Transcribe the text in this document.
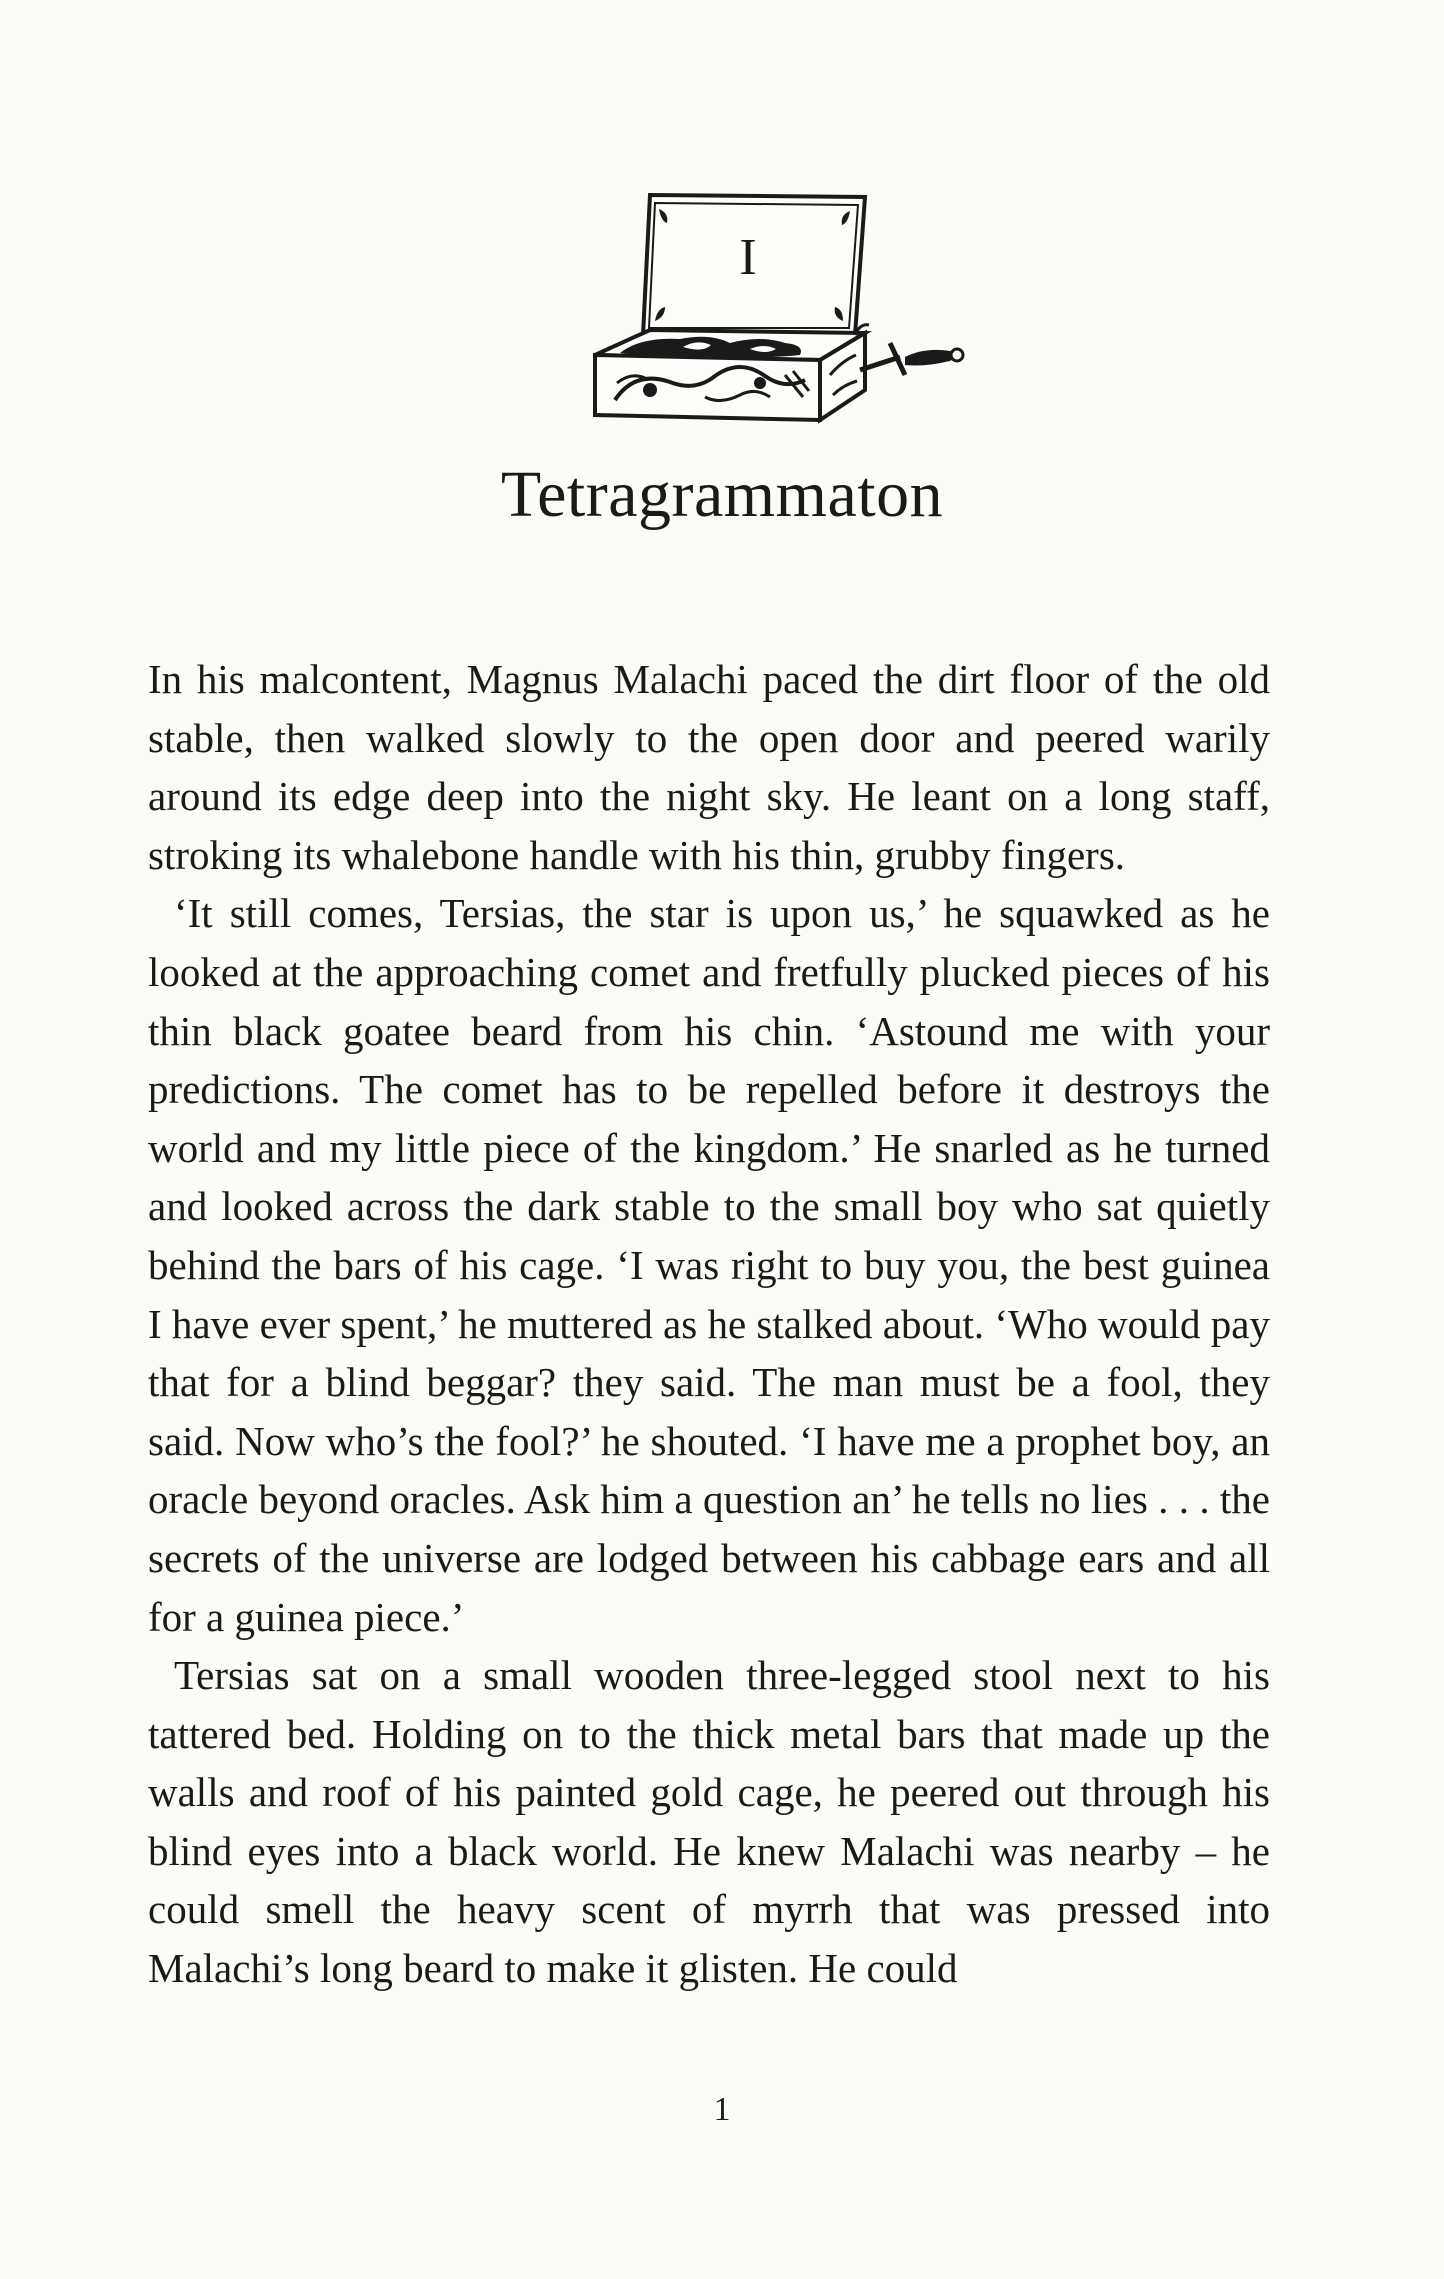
I
Tetragrammaton

In his malcontent, Magnus Malachi paced the dirt floor of the old stable, then walked slowly to the open door and peered warily around its edge deep into the night sky. He leant on a long staff, stroking its whalebone handle with his thin, grubby fingers.

‘It still comes, Tersias, the star is upon us,’ he squawked as he looked at the approaching comet and fretfully plucked pieces of his thin black goatee beard from his chin. ‘Astound me with your predictions. The comet has to be repelled before it destroys the world and my little piece of the kingdom.’ He snarled as he turned and looked across the dark stable to the small boy who sat quietly behind the bars of his cage. ‘I was right to buy you, the best guinea I have ever spent,’ he muttered as he stalked about. ‘Who would pay that for a blind beggar? they said. The man must be a fool, they said. Now who’s the fool?’ he shouted. ‘I have me a prophet boy, an oracle beyond oracles. Ask him a question an’ he tells no lies . . . the secrets of the universe are lodged between his cabbage ears and all for a guinea piece.’

Tersias sat on a small wooden three-legged stool next to his tattered bed. Holding on to the thick metal bars that made up the walls and roof of his painted gold cage, he peered out through his blind eyes into a black world. He knew Malachi was nearby – he could smell the heavy scent of myrrh that was pressed into Malachi’s long beard to make it glisten. He could

1
